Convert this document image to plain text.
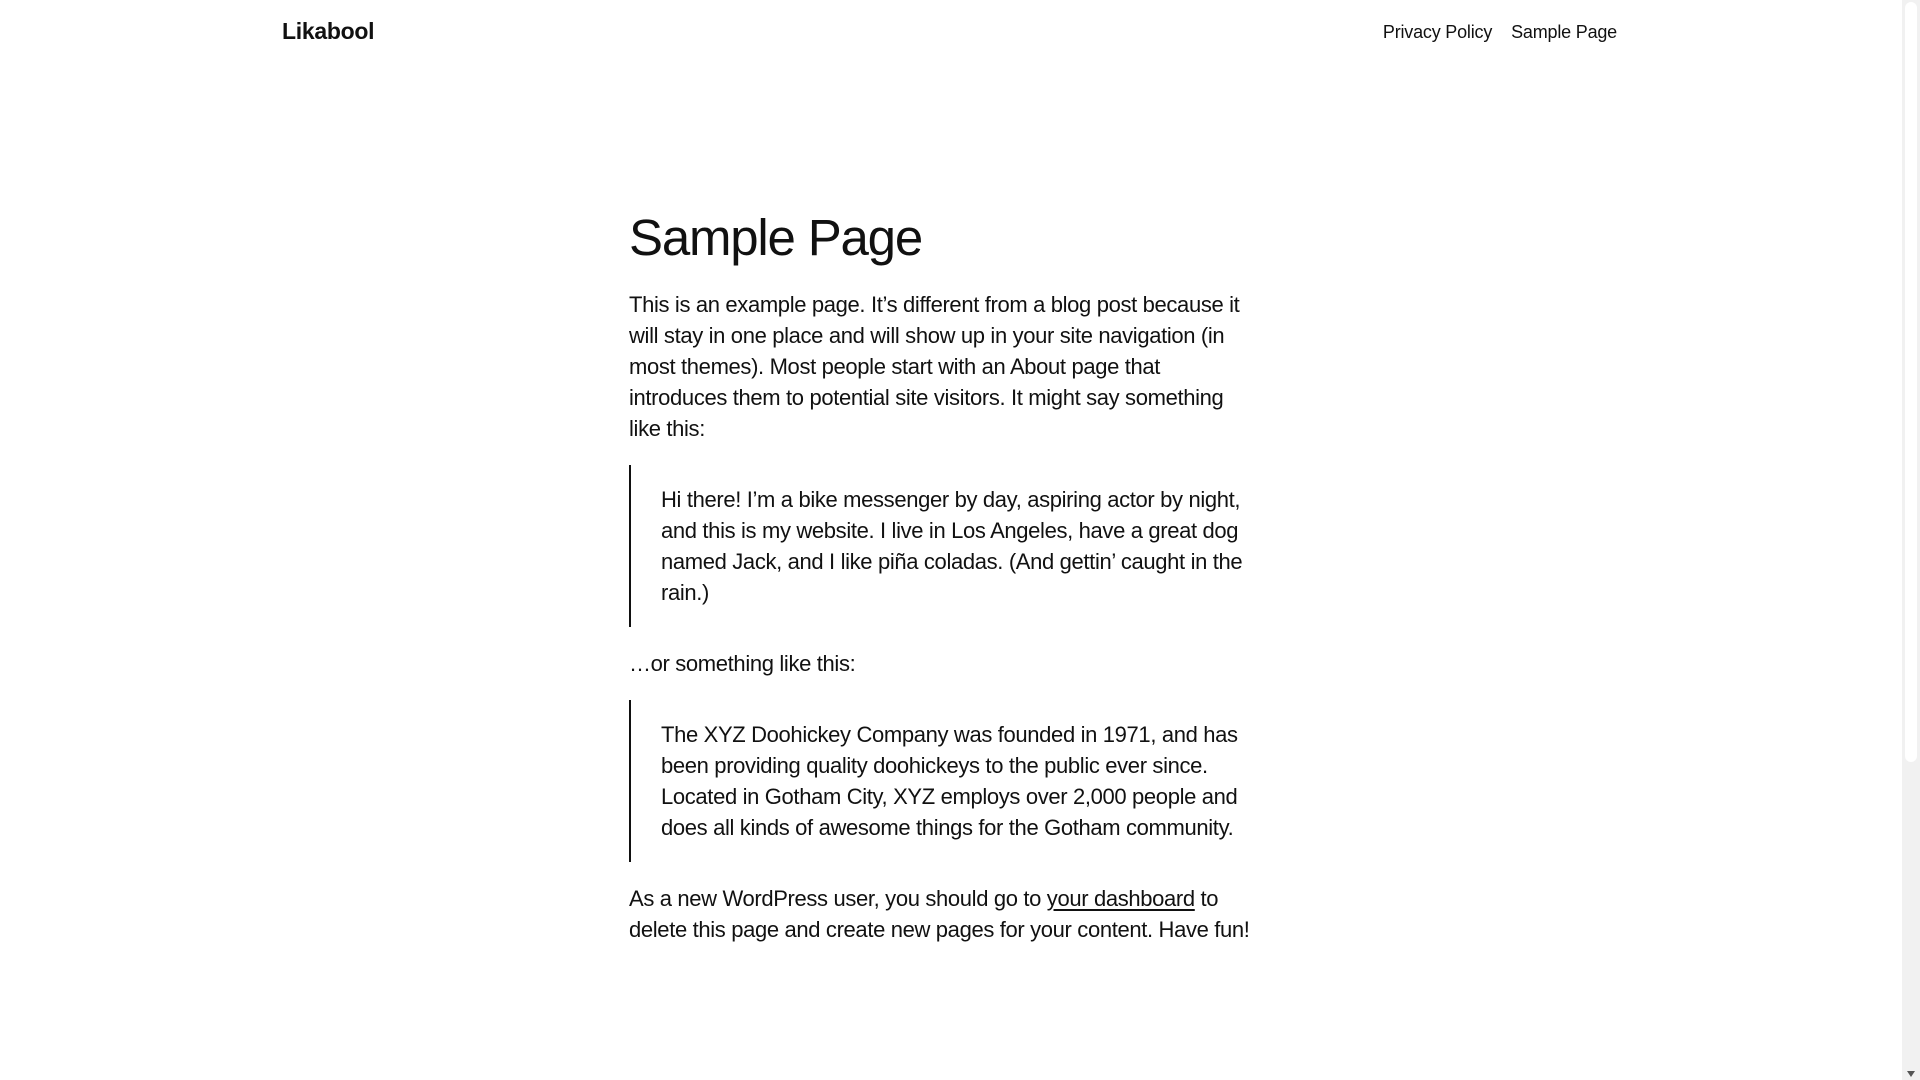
Likabool	Privacy Policy Sample Page
Sample Page

This is an example page. It’s different from a blog post because it will stay in one place and will show up in your site navigation (in most themes). Most people start with an About page that introduces them to potential site visitors. It might say something like this:

Hi there! I’m a bike messenger by day, aspiring actor by night, and this is my website. I live in Los Angeles, have a great dog named Jack, and I like piña coladas. (And gettin’ caught in the rain.)

…or something like this:

The XYZ Doohickey Company was founded in 1971, and has been providing quality doohickeys to the public ever since. Located in Gotham City, XYZ employs over 2,000 people and does all kinds of awesome things for the Gotham community.

As a new WordPress user, you should go to your dashboard to delete this page and create new pages for your content. Have fun!
